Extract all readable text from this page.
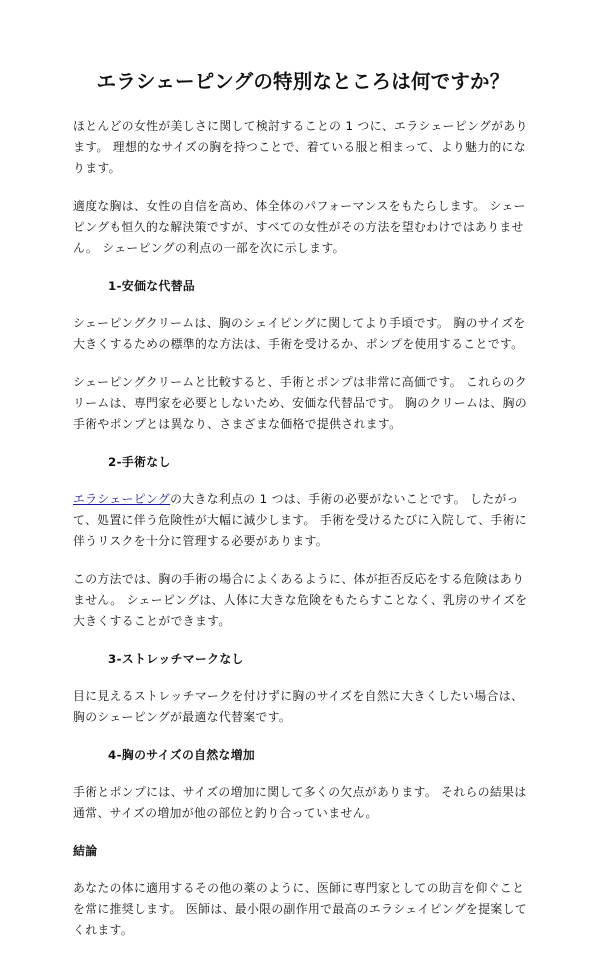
エラシェーピングの特別なところは何ですか？

ほとんどの女性が美しさに関して検討することの 1 つに、エラシェーピングがあります。 理想的なサイズの胸を持つことで、着ている服と相まって、より魅力的になります。

適度な胸は、女性の自信を高め、体全体のパフォーマンスをもたらします。 シェーピングも恒久的な解決策ですが、すべての女性がその方法を望むわけではありません。 シェーピングの利点の一部を次に示します。

1-安価な代替品

シェーピングクリームは、胸のシェイピングに関してより手頃です。 胸のサイズを大きくするための標準的な方法は、手術を受けるか、ポンプを使用することです。

シェーピングクリームと比較すると、手術とポンプは非常に高価です。 これらのクリームは、専門家を必要としないため、安価な代替品です。 胸のクリームは、胸の手術やポンプとは異なり、さまざまな価格で提供されます。

2-手術なし

エラシェーピングの大きな利点の 1 つは、手術の必要がないことです。 したがって、処置に伴う危険性が大幅に減少します。 手術を受けるたびに入院して、手術に伴うリスクを十分に管理する必要があります。

この方法では、胸の手術の場合によくあるように、体が拒否反応をする危険はありません。 シェーピングは、人体に大きな危険をもたらすことなく、乳房のサイズを大きくすることができます。

3-ストレッチマークなし

目に見えるストレッチマークを付けずに胸のサイズを自然に大きくしたい場合は、胸のシェーピングが最適な代替案です。

4-胸のサイズの自然な増加

手術とポンプには、サイズの増加に関して多くの欠点があります。 それらの結果は通常、サイズの増加が他の部位と釣り合っていません。

結論

あなたの体に適用するその他の薬のように、医師に専門家としての助言を仰ぐことを常に推奨します。 医師は、最小限の副作用で最高のエラシェイピングを提案してくれます。
